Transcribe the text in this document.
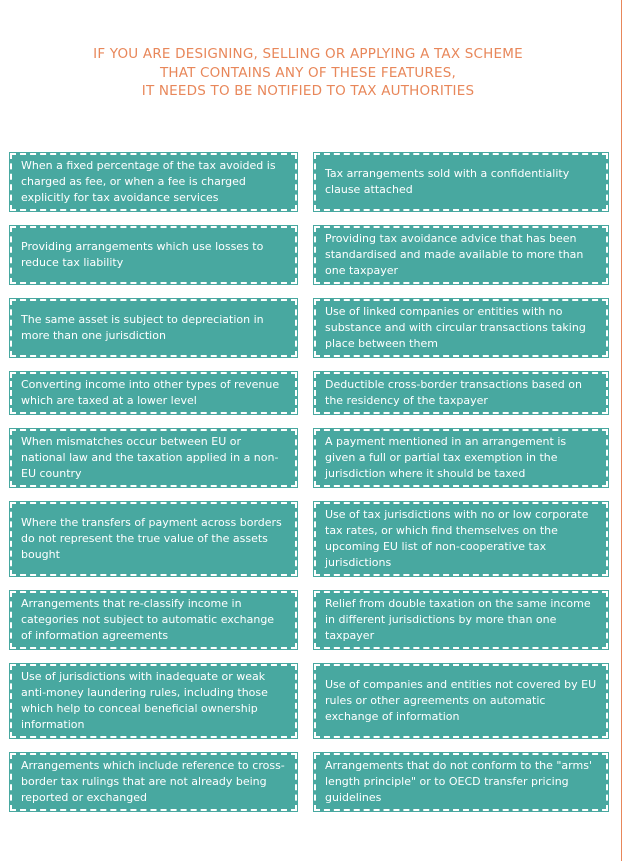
IF YOU ARE DESIGNING, SELLING OR APPLYING A TAX SCHEME
THAT CONTAINS ANY OF THESE FEATURES,
IT NEEDS TO BE NOTIFIED TO TAX AUTHORITIES
When a fixed percentage of the tax avoided is charged as fee, or when a fee is charged explicitly for tax avoidance services
Tax arrangements sold with a confidentiality clause attached
Providing arrangements which use losses to reduce tax liability
Providing tax avoidance advice that has been standardised and made available to more than one taxpayer
The same asset is subject to depreciation in more than one jurisdiction
Use of linked companies or entities with no substance and with circular transactions taking place between them
Converting income into other types of revenue which are taxed at a lower level
Deductible cross-border transactions based on the residency of the taxpayer
When mismatches occur between EU or national law and the taxation applied in a non-EU country
A payment mentioned in an arrangement is given a full or partial tax exemption in the jurisdiction where it should be taxed
Where the transfers of payment across borders do not represent the true value of the assets bought
Use of tax jurisdictions with no or low corporate tax rates, or which find themselves on the upcoming EU list of non-cooperative tax jurisdictions
Arrangements that re-classify income in categories not subject to automatic exchange of information agreements
Relief from double taxation on the same income in different jurisdictions by more than one taxpayer
Use of jurisdictions with inadequate or weak anti-money laundering rules, including those which help to conceal beneficial ownership information
Use of companies and entities not covered by EU rules or other agreements on automatic exchange of information
Arrangements which include reference to cross-border tax rulings that are not already being reported or exchanged
Arrangements that do not conform to the "arms' length principle" or to OECD transfer pricing guidelines
